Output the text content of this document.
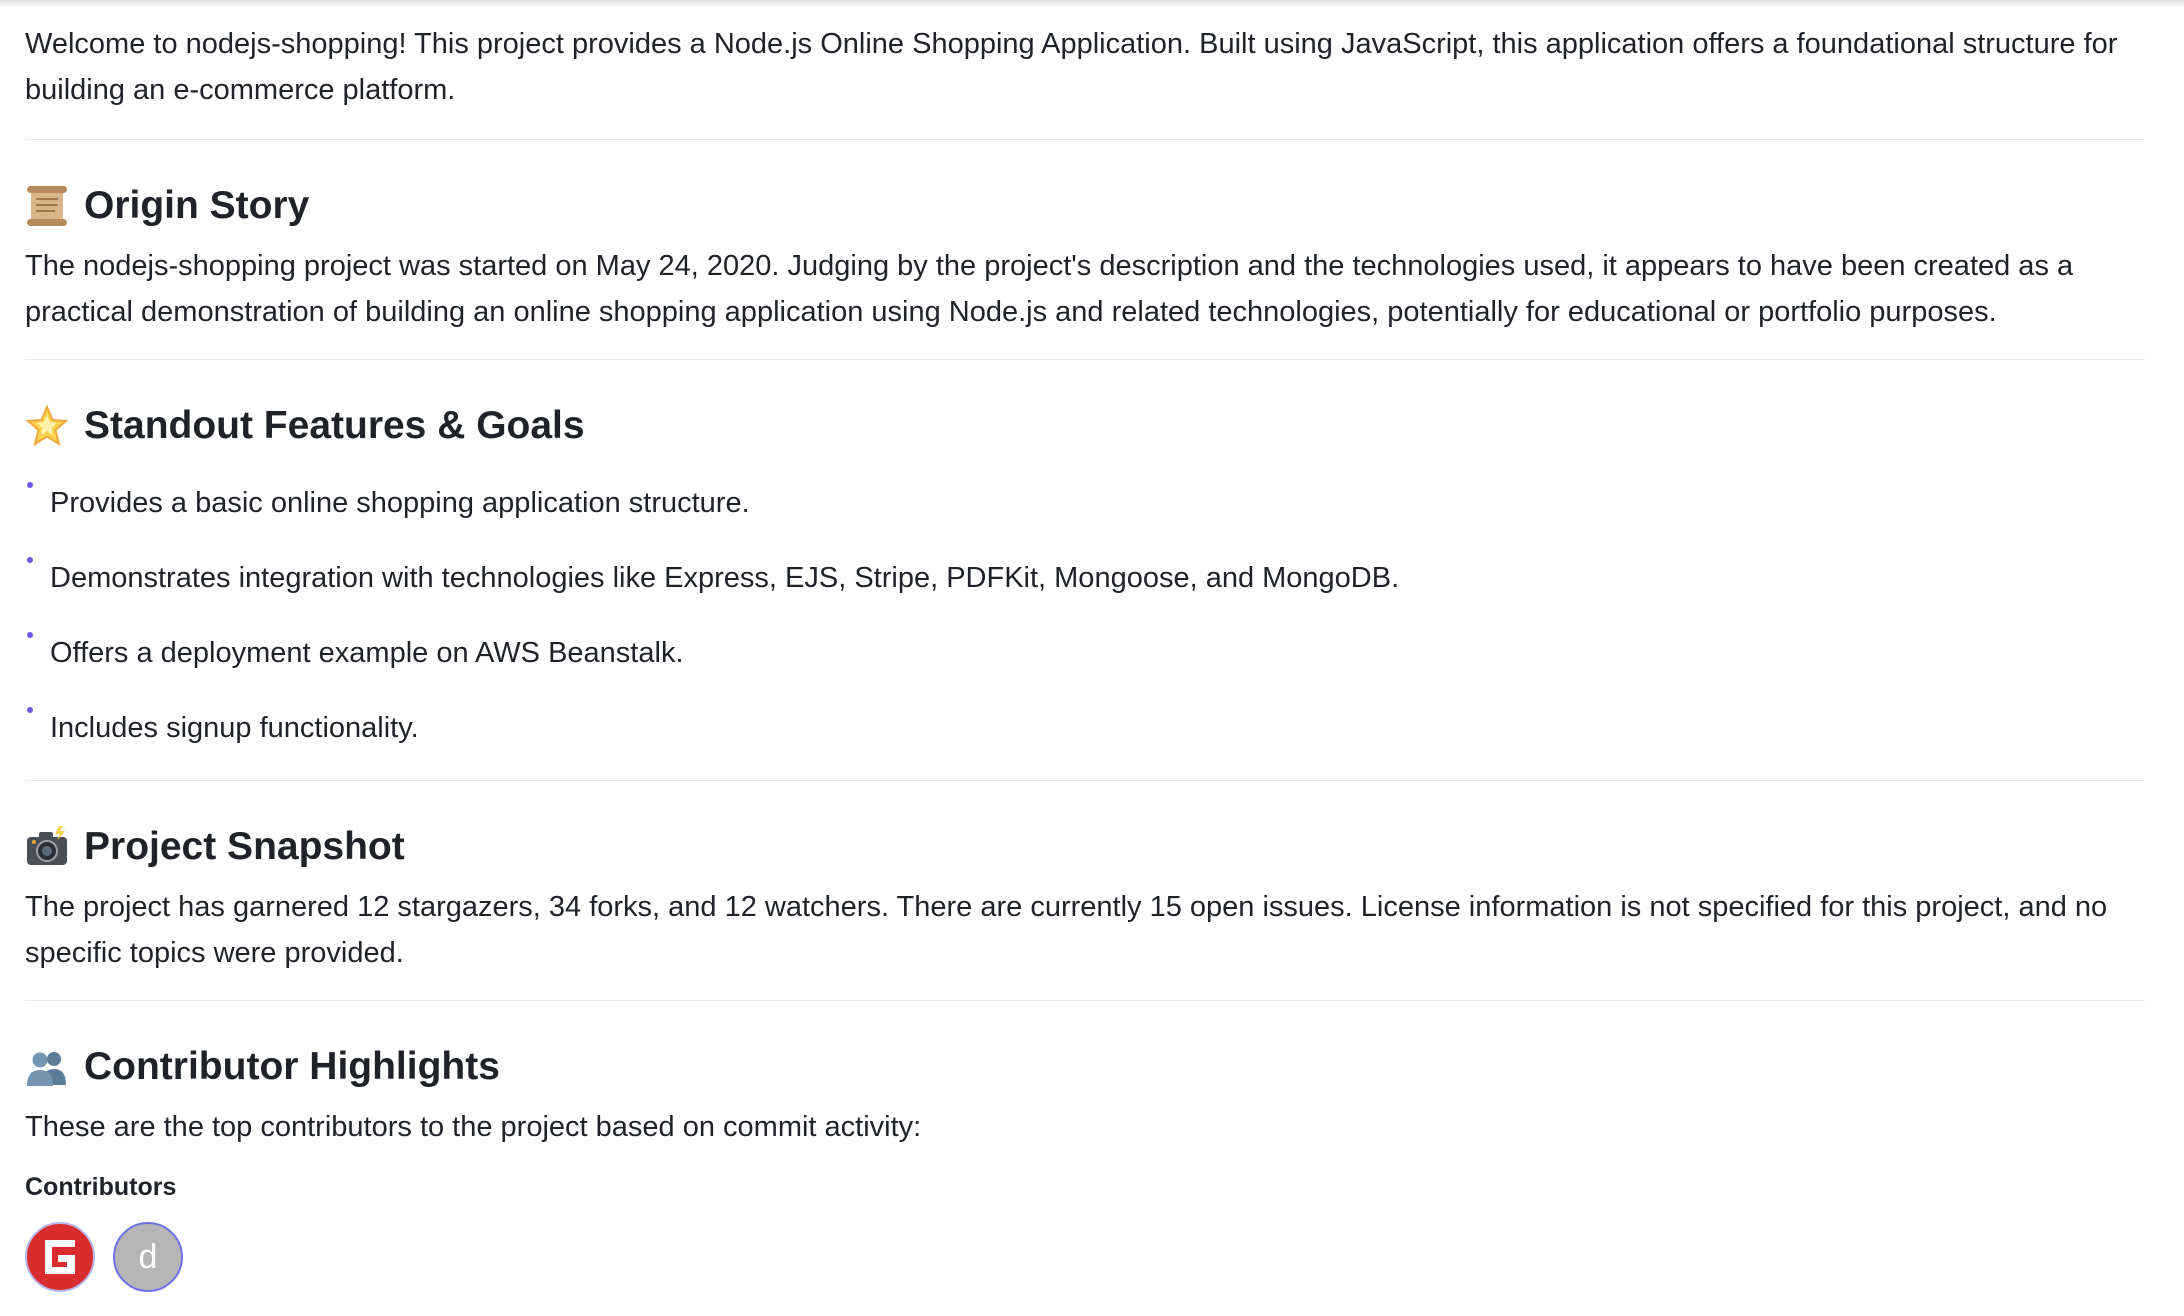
Welcome to nodejs-shopping! This project provides a Node.js Online Shopping Application. Built using JavaScript, this application offers a foundational structure for building an e-commerce platform.

Origin Story

The nodejs-shopping project was started on May 24, 2020. Judging by the project's description and the technologies used, it appears to have been created as a practical demonstration of building an online shopping application using Node.js and related technologies, potentially for educational or portfolio purposes.

Standout Features & Goals
Provides a basic online shopping application structure.
Demonstrates integration with technologies like Express, EJS, Stripe, PDFKit, Mongoose, and MongoDB.
Offers a deployment example on AWS Beanstalk.
Includes signup functionality.
Project Snapshot

The project has garnered 12 stargazers, 34 forks, and 12 watchers. There are currently 15 open issues. License information is not specified for this project, and no specific topics were provided.

Contributor Highlights

These are the top contributors to the project based on commit activity:

Contributors
d
